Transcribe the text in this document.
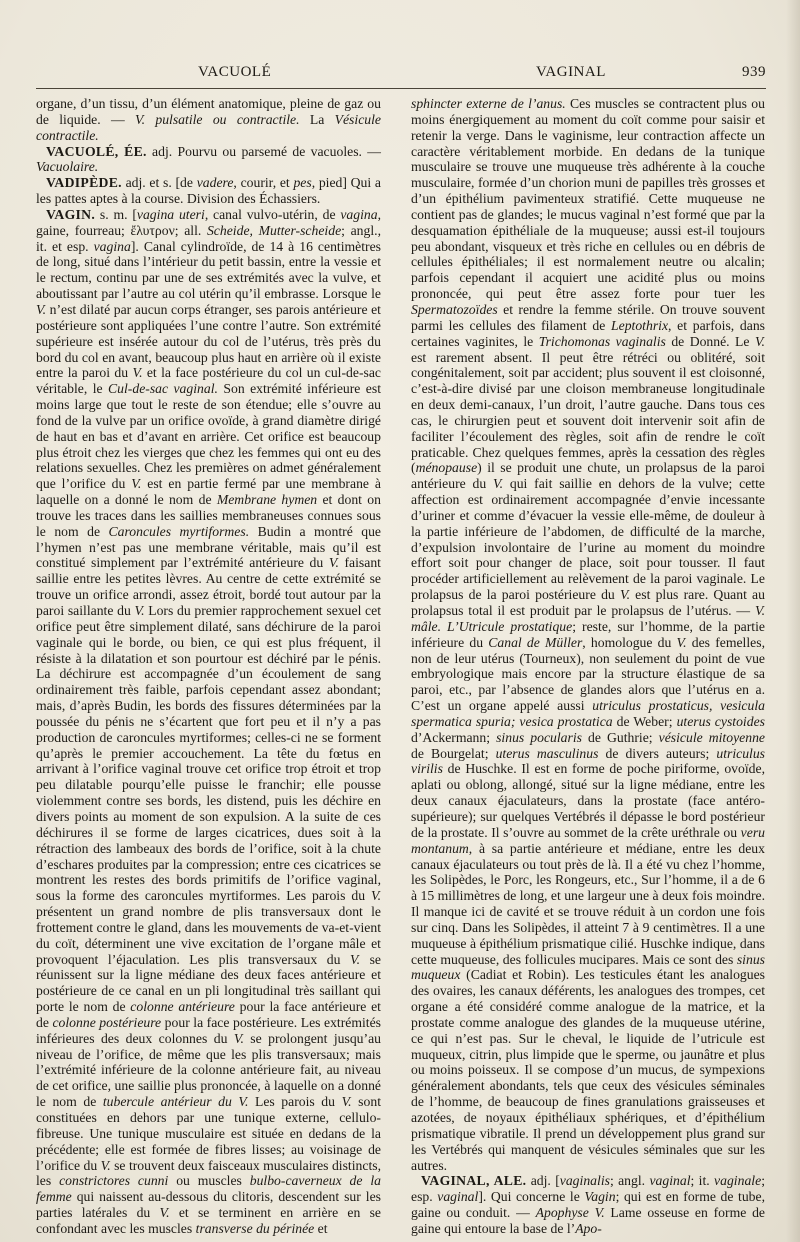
VACUOLÉ	VAGINAL	939

organe, d’un tissu, d’un élément anatomique, pleine de gaz ou de liquide. — V. pulsatile ou contractile. La Vésicule contractile.

VACUOLÉ, ÉE. adj. Pourvu ou parsemé de vacuoles. — Vacuolaire.

VADIPÈDE. adj. et s. [de vadere, courir, et pes, pied] Qui a les pattes aptes à la course. Division des Échassiers.

VAGIN. s. m. [vagina uteri, canal vulvo-utérin, de vagina, gaine, fourreau; ἔλυτρον; all. Scheide, Mutter-scheide; angl., it. et esp. vagina]. Canal cylindroïde, de 14 à 16 centimètres de long, situé dans l’intérieur du petit bassin, entre la vessie et le rectum, continu par une de ses extrémités avec la vulve, et aboutissant par l’autre au col utérin qu’il embrasse. Lorsque le V. n’est dilaté par aucun corps étranger, ses parois antérieure et postérieure sont appliquées l’une contre l’autre. Son extrémité supérieure est insérée autour du col de l’utérus, très près du bord du col en avant, beaucoup plus haut en arrière où il existe entre la paroi du V. et la face postérieure du col un cul-de-sac véritable, le Cul-de-sac vaginal. Son extrémité inférieure est moins large que tout le reste de son étendue; elle s’ouvre au fond de la vulve par un orifice ovoïde, à grand diamètre dirigé de haut en bas et d’avant en arrière. Cet orifice est beaucoup plus étroit chez les vierges que chez les femmes qui ont eu des relations sexuelles. Chez les premières on admet généralement que l’orifice du V. est en partie fermé par une membrane à laquelle on a donné le nom de Membrane hymen et dont on trouve les traces dans les saillies membraneuses connues sous le nom de Caroncules myrtiformes. Budin a montré que l’hymen n’est pas une membrane véritable, mais qu’il est constitué simplement par l’extrémité antérieure du V. faisant saillie entre les petites lèvres. Au centre de cette extrémité se trouve un orifice arrondi, assez étroit, bordé tout autour par la paroi saillante du V. Lors du premier rapprochement sexuel cet orifice peut être simplement dilaté, sans déchirure de la paroi vaginale qui le borde, ou bien, ce qui est plus fréquent, il résiste à la dilatation et son pourtour est déchiré par le pénis. La déchirure est accompagnée d’un écoulement de sang ordinairement très faible, parfois cependant assez abondant; mais, d’après Budin, les bords des fissures déterminées par la poussée du pénis ne s’écartent que fort peu et il n’y a pas production de caroncules myrtiformes; celles-ci ne se forment qu’après le premier accouchement. La tête du fœtus en arrivant à l’orifice vaginal trouve cet orifice trop étroit et trop peu dilatable pourqu’elle puisse le franchir; elle pousse violemment contre ses bords, les distend, puis les déchire en divers points au moment de son expulsion. A la suite de ces déchirures il se forme de larges cicatrices, dues soit à la rétraction des lambeaux des bords de l’orifice, soit à la chute d’eschares produites par la compression; entre ces cicatrices se montrent les restes des bords primitifs de l’orifice vaginal, sous la forme des caroncules myrtiformes. Les parois du V. présentent un grand nombre de plis transversaux dont le frottement contre le gland, dans les mouvements de va-et-vient du coït, déterminent une vive excitation de l’organe mâle et provoquent l’éjaculation. Les plis transversaux du V. se réunissent sur la ligne médiane des deux faces antérieure et postérieure de ce canal en un pli longitudinal très saillant qui porte le nom de colonne antérieure pour la face antérieure et de colonne postérieure pour la face postérieure. Les extrémités inférieures des deux colonnes du V. se prolongent jusqu’au niveau de l’orifice, de même que les plis transversaux; mais l’extrémité inférieure de la colonne antérieure fait, au niveau de cet orifice, une saillie plus prononcée, à laquelle on a donné le nom de tubercule antérieur du V. Les parois du V. sont constituées en dehors par une tunique externe, cellulo-fibreuse. Une tunique musculaire est située en dedans de la précédente; elle est formée de fibres lisses; au voisinage de l’orifice du V. se trouvent deux faisceaux musculaires distincts, les constrictores cunni ou muscles bulbo-caverneux de la femme qui naissent au-dessous du clitoris, descendent sur les parties latérales du V. et se terminent en arrière en se confondant avec les muscles transverse du périnée et

sphincter externe de l’anus. Ces muscles se contractent plus ou moins énergiquement au moment du coït comme pour saisir et retenir la verge. Dans le vaginisme, leur contraction affecte un caractère véritablement morbide. En dedans de la tunique musculaire se trouve une muqueuse très adhérente à la couche musculaire, formée d’un chorion muni de papilles très grosses et d’un épithélium pavimenteux stratifié. Cette muqueuse ne contient pas de glandes; le mucus vaginal n’est formé que par la desquamation épithéliale de la muqueuse; aussi est-il toujours peu abondant, visqueux et très riche en cellules ou en débris de cellules épithéliales; il est normalement neutre ou alcalin; parfois cependant il acquiert une acidité plus ou moins prononcée, qui peut être assez forte pour tuer les Spermatozoïdes et rendre la femme stérile. On trouve souvent parmi les cellules des filament de Leptothrix, et parfois, dans certaines vaginites, le Trichomonas vaginalis de Donné. Le V. est rarement absent. Il peut être rétréci ou oblitéré, soit congénitalement, soit par accident; plus souvent il est cloisonné, c’est-à-dire divisé par une cloison membraneuse longitudinale en deux demi-canaux, l’un droit, l’autre gauche. Dans tous ces cas, le chirurgien peut et souvent doit intervenir soit afin de faciliter l’écoulement des règles, soit afin de rendre le coït praticable. Chez quelques femmes, après la cessation des règles (ménopause) il se produit une chute, un prolapsus de la paroi antérieure du V. qui fait saillie en dehors de la vulve; cette affection est ordinairement accompagnée d’envie incessante d’uriner et comme d’évacuer la vessie elle-même, de douleur à la partie inférieure de l’abdomen, de difficulté de la marche, d’expulsion involontaire de l’urine au moment du moindre effort soit pour changer de place, soit pour tousser. Il faut procéder artificiellement au relèvement de la paroi vaginale. Le prolapsus de la paroi postérieure du V. est plus rare. Quant au prolapsus total il est produit par le prolapsus de l’utérus. — V. mâle. L’Utricule prostatique; reste, sur l’homme, de la partie inférieure du Canal de Müller, homologue du V. des femelles, non de leur utérus (Tourneux), non seulement du point de vue embryologique mais encore par la structure élastique de sa paroi, etc., par l’absence de glandes alors que l’utérus en a. C’est un organe appelé aussi utriculus prostaticus, vesicula spermatica spuria; vesica prostatica de Weber; uterus cystoides d’Ackermann; sinus pocularis de Guthrie; vésicule mitoyenne de Bourgelat; uterus masculinus de divers auteurs; utriculus virilis de Huschke. Il est en forme de poche piriforme, ovoïde, aplati ou oblong, allongé, situé sur la ligne médiane, entre les deux canaux éjaculateurs, dans la prostate (face antéro-supérieure); sur quelques Vertébrés il dépasse le bord postérieur de la prostate. Il s’ouvre au sommet de la crête uréthrale ou veru montanum, à sa partie antérieure et médiane, entre les deux canaux éjaculateurs ou tout près de là. Il a été vu chez l’homme, les Solipèdes, le Porc, les Rongeurs, etc., Sur l’homme, il a de 6 à 15 millimètres de long, et une largeur une à deux fois moindre. Il manque ici de cavité et se trouve réduit à un cordon une fois sur cinq. Dans les Solipèdes, il atteint 7 à 9 centimètres. Il a une muqueuse à épithélium prismatique cilié. Huschke indique, dans cette muqueuse, des follicules mucipares. Mais ce sont des sinus muqueux (Cadiat et Robin). Les testicules étant les analogues des ovaires, les canaux déférents, les analogues des trompes, cet organe a été considéré comme analogue de la matrice, et la prostate comme analogue des glandes de la muqueuse utérine, ce qui n’est pas. Sur le cheval, le liquide de l’utricule est muqueux, citrin, plus limpide que le sperme, ou jaunâtre et plus ou moins poisseux. Il se compose d’un mucus, de sympexions généralement abondants, tels que ceux des vésicules séminales de l’homme, de beaucoup de fines granulations graisseuses et azotées, de noyaux épithéliaux sphériques, et d’épithélium prismatique vibratile. Il prend un développement plus grand sur les Vertébrés qui manquent de vésicules séminales que sur les autres.

VAGINAL, ALE. adj. [vaginalis; angl. vaginal; it. vaginale; esp. vaginal]. Qui concerne le Vagin; qui est en forme de tube, gaine ou conduit. — Apophyse V. Lame osseuse en forme de gaine qui entoure la base de l’Apo-
